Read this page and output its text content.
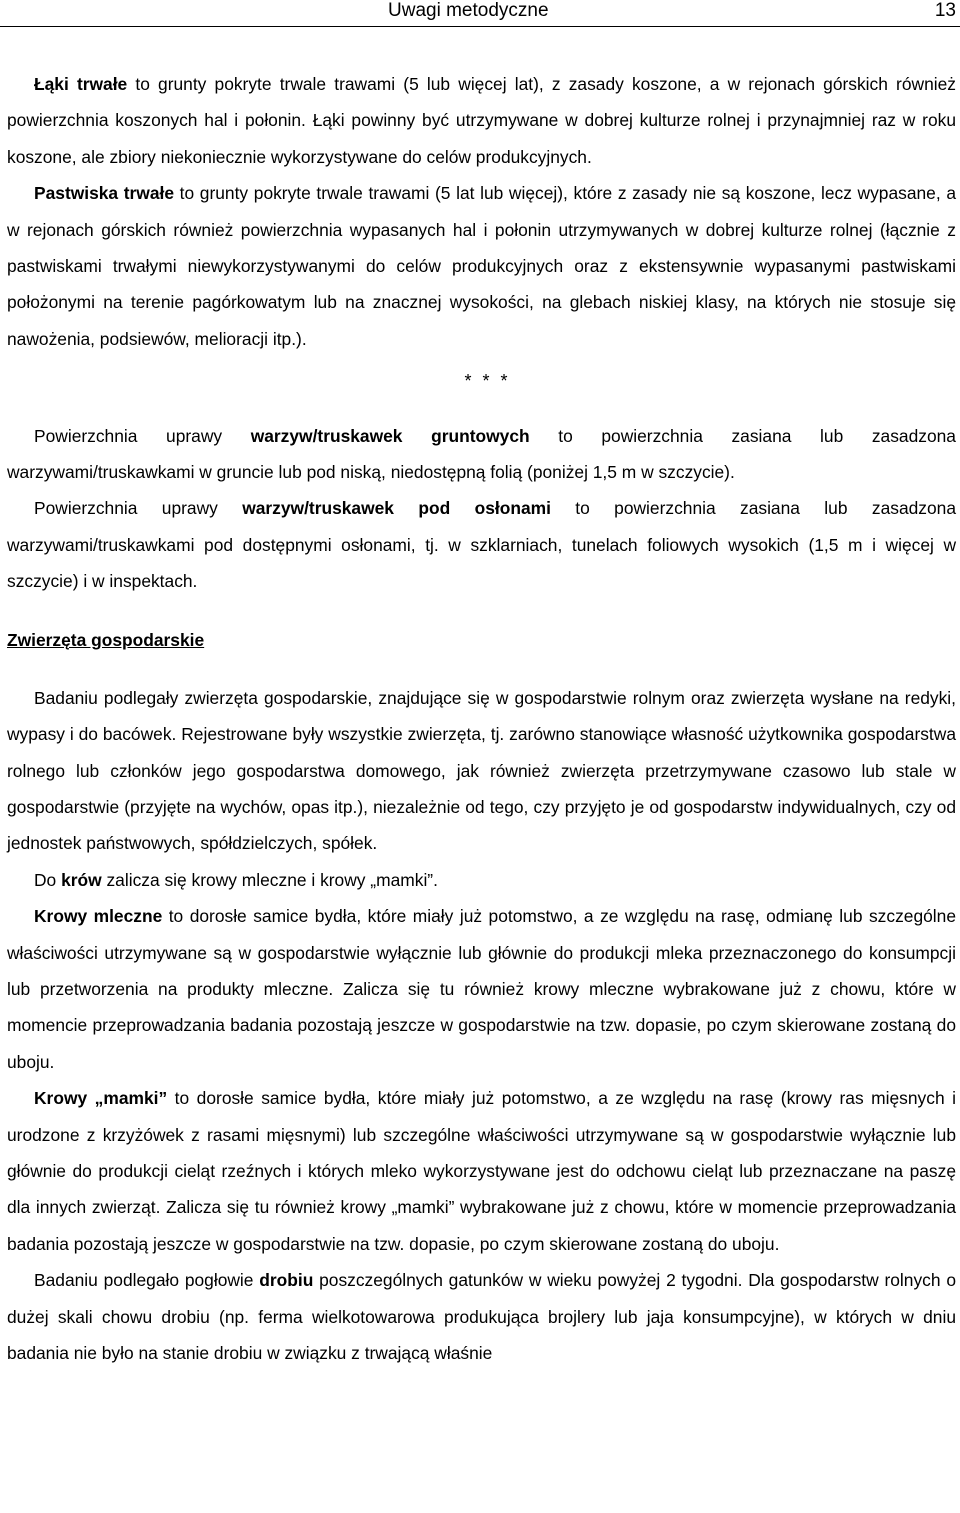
Uwagi metodyczne	13

Łąki trwałe to grunty pokryte trwale trawami (5 lub więcej lat), z zasady koszone, a w rejonach górskich również powierzchnia koszonych hal i połonin. Łąki powinny być utrzymywane w dobrej kulturze rolnej i przynajmniej raz w roku koszone, ale zbiory niekoniecznie wykorzystywane do celów produkcyjnych.

Pastwiska trwałe to grunty pokryte trwale trawami (5 lat lub więcej), które z zasady nie są koszone, lecz wypasane, a w rejonach górskich również powierzchnia wypasanych hal i połonin utrzymywanych w dobrej kulturze rolnej (łącznie z pastwiskami trwałymi niewykorzystywanymi do celów produkcyjnych oraz z ekstensywnie wypasanymi pastwiskami położonymi na terenie pagórkowatym lub na znacznej wysokości, na glebach niskiej klasy, na których nie stosuje się nawożenia, podsiewów, melioracji itp.).

* * *

Powierzchnia uprawy warzyw/truskawek gruntowych to powierzchnia zasiana lub zasadzona warzywami/truskawkami w gruncie lub pod niską, niedostępną folią (poniżej 1,5 m w szczycie).

Powierzchnia uprawy warzyw/truskawek pod osłonami to powierzchnia zasiana lub zasadzona warzywami/truskawkami pod dostępnymi osłonami, tj. w szklarniach, tunelach foliowych wysokich (1,5 m i więcej w szczycie) i w inspektach.

Zwierzęta gospodarskie

Badaniu podlegały zwierzęta gospodarskie, znajdujące się w gospodarstwie rolnym oraz zwierzęta wysłane na redyki, wypasy i do bacówek. Rejestrowane były wszystkie zwierzęta, tj. zarówno stanowiące własność użytkownika gospodarstwa rolnego lub członków jego gospodarstwa domowego, jak również zwierzęta przetrzymywane czasowo lub stale w gospodarstwie (przyjęte na wychów, opas itp.), niezależnie od tego, czy przyjęto je od gospodarstw indywidualnych, czy od jednostek państwowych, spółdzielczych, spółek.

Do krów zalicza się krowy mleczne i krowy „mamki”.

Krowy mleczne to dorosłe samice bydła, które miały już potomstwo, a ze względu na rasę, odmianę lub szczególne właściwości utrzymywane są w gospodarstwie wyłącznie lub głównie do produkcji mleka przeznaczonego do konsumpcji lub przetworzenia na produkty mleczne. Zalicza się tu również krowy mleczne wybrakowane już z chowu, które w momencie przeprowadzania badania pozostają jeszcze w gospodarstwie na tzw. dopasie, po czym skierowane zostaną do uboju.

Krowy „mamki” to dorosłe samice bydła, które miały już potomstwo, a ze względu na rasę (krowy ras mięsnych i urodzone z krzyżówek z rasami mięsnymi) lub szczególne właściwości utrzymywane są w gospodarstwie wyłącznie lub głównie do produkcji cieląt rzeźnych i których mleko wykorzystywane jest do odchowu cieląt lub przeznaczane na paszę dla innych zwierząt. Zalicza się tu również krowy „mamki” wybrakowane już z chowu, które w momencie przeprowadzania badania pozostają jeszcze w gospodarstwie na tzw. dopasie, po czym skierowane zostaną do uboju.

Badaniu podlegało pogłowie drobiu poszczególnych gatunków w wieku powyżej 2 tygodni. Dla gospodarstw rolnych o dużej skali chowu drobiu (np. ferma wielkotowarowa produkująca brojlery lub jaja konsumpcyjne), w których w dniu badania nie było na stanie drobiu w związku z trwającą właśnie
